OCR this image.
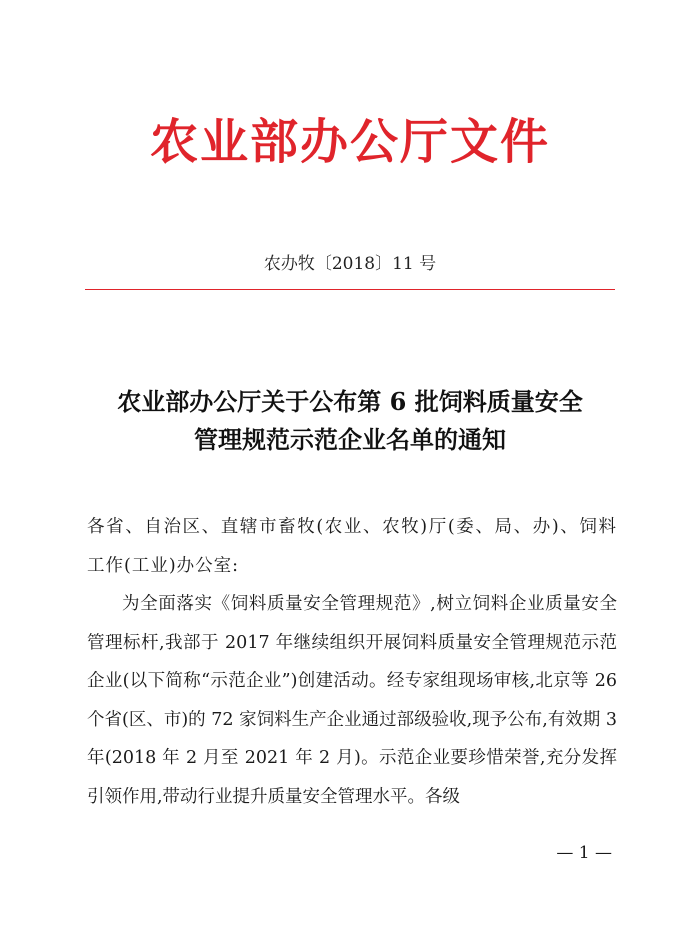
农业部办公厅文件
农办牧〔2018〕11 号
农业部办公厅关于公布第 6 批饲料质量安全
管理规范示范企业名单的通知

各省、自治区、直辖市畜牧(农业、农牧)厅(委、局、办)、饲料工作(工业)办公室:

为全面落实《饲料质量安全管理规范》,树立饲料企业质量安全管理标杆,我部于 2017 年继续组织开展饲料质量安全管理规范示范企业(以下简称“示范企业”)创建活动。经专家组现场审核,北京等 26 个省(区、市)的 72 家饲料生产企业通过部级验收,现予公布,有效期 3 年(2018 年 2 月至 2021 年 2 月)。示范企业要珍惜荣誉,充分发挥引领作用,带动行业提升质量安全管理水平。各级

— 1 —
